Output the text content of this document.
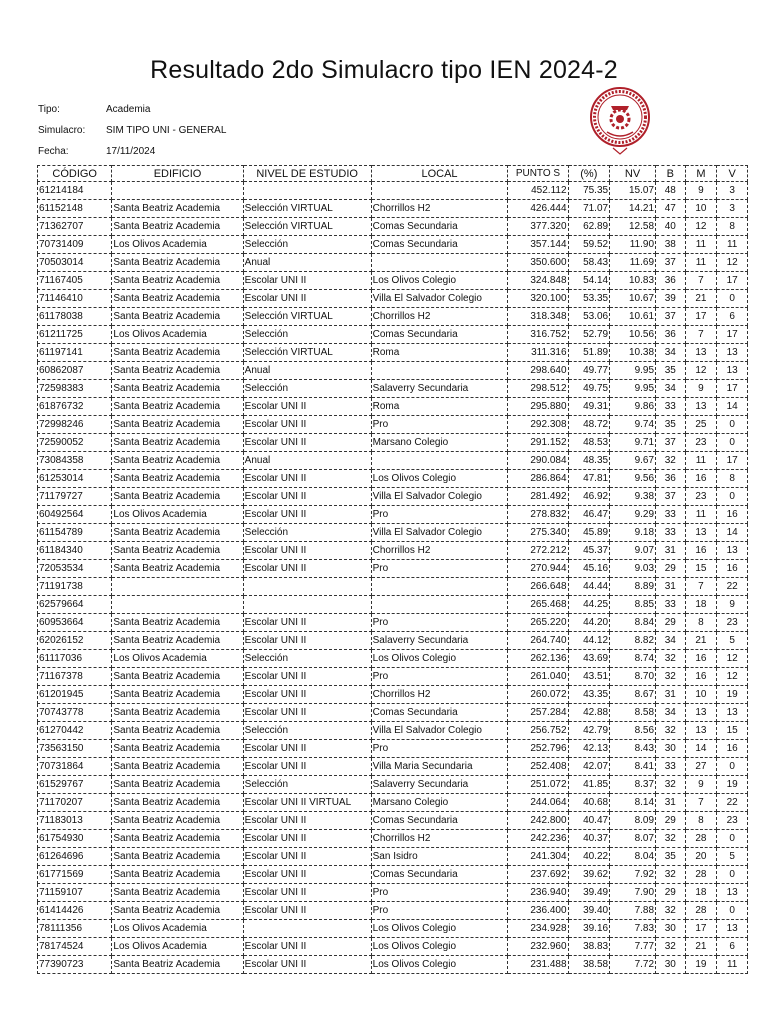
Resultado 2do Simulacro tipo IEN 2024-2
Tipo:	Academia
Simulacro:	SIM TIPO UNI - GENERAL
Fecha:	17/11/2024
CÓDIGO	EDIFICIO	NIVEL DE ESTUDIO	LOCAL	PUNTO S	(%)	NV	B	M	V
61214184				452.112	75.35	15.07	48	9	3
61152148	Santa Beatriz Academia	Selección VIRTUAL	Chorrillos H2	426.444	71.07	14.21	47	10	3
71362707	Santa Beatriz Academia	Selección VIRTUAL	Comas Secundaria	377.320	62.89	12.58	40	12	8
70731409	Los Olivos Academia	Selección	Comas Secundaria	357.144	59.52	11.90	38	11	11
70503014	Santa Beatriz Academia	Anual		350.600	58.43	11.69	37	11	12
71167405	Santa Beatriz Academia	Escolar UNI II	Los Olivos Colegio	324.848	54.14	10.83	36	7	17
71146410	Santa Beatriz Academia	Escolar UNI II	Villa El Salvador Colegio	320.100	53.35	10.67	39	21	0
61178038	Santa Beatriz Academia	Selección VIRTUAL	Chorrillos H2	318.348	53.06	10.61	37	17	6
61211725	Los Olivos Academia	Selección	Comas Secundaria	316.752	52.79	10.56	36	7	17
61197141	Santa Beatriz Academia	Selección VIRTUAL	Roma	311.316	51.89	10.38	34	13	13
60862087	Santa Beatriz Academia	Anual		298.640	49.77	9.95	35	12	13
72598383	Santa Beatriz Academia	Selección	Salaverry Secundaria	298.512	49.75	9.95	34	9	17
61876732	Santa Beatriz Academia	Escolar UNI II	Roma	295.880	49.31	9.86	33	13	14
72998246	Santa Beatriz Academia	Escolar UNI II	Pro	292.308	48.72	9.74	35	25	0
72590052	Santa Beatriz Academia	Escolar UNI II	Marsano Colegio	291.152	48.53	9.71	37	23	0
73084358	Santa Beatriz Academia	Anual		290.084	48.35	9.67	32	11	17
61253014	Santa Beatriz Academia	Escolar UNI II	Los Olivos Colegio	286.864	47.81	9.56	36	16	8
71179727	Santa Beatriz Academia	Escolar UNI II	Villa El Salvador Colegio	281.492	46.92	9.38	37	23	0
60492564	Los Olivos Academia	Escolar UNI II	Pro	278.832	46.47	9.29	33	11	16
61154789	Santa Beatriz Academia	Selección	Villa El Salvador Colegio	275.340	45.89	9.18	33	13	14
61184340	Santa Beatriz Academia	Escolar UNI II	Chorrillos H2	272.212	45.37	9.07	31	16	13
72053534	Santa Beatriz Academia	Escolar UNI II	Pro	270.944	45.16	9.03	29	15	16
71191738				266.648	44.44	8.89	31	7	22
62579664				265.468	44.25	8.85	33	18	9
60953664	Santa Beatriz Academia	Escolar UNI II	Pro	265.220	44.20	8.84	29	8	23
62026152	Santa Beatriz Academia	Escolar UNI II	Salaverry Secundaria	264.740	44.12	8.82	34	21	5
61117036	Los Olivos Academia	Selección	Los Olivos Colegio	262.136	43.69	8.74	32	16	12
71167378	Santa Beatriz Academia	Escolar UNI II	Pro	261.040	43.51	8.70	32	16	12
61201945	Santa Beatriz Academia	Escolar UNI II	Chorrillos H2	260.072	43.35	8.67	31	10	19
70743778	Santa Beatriz Academia	Escolar UNI II	Comas Secundaria	257.284	42.88	8.58	34	13	13
61270442	Santa Beatriz Academia	Selección	Villa El Salvador Colegio	256.752	42.79	8.56	32	13	15
73563150	Santa Beatriz Academia	Escolar UNI II	Pro	252.796	42.13	8.43	30	14	16
70731864	Santa Beatriz Academia	Escolar UNI II	Villa Maria Secundaria	252.408	42.07	8.41	33	27	0
61529767	Santa Beatriz Academia	Selección	Salaverry Secundaria	251.072	41.85	8.37	32	9	19
71170207	Santa Beatriz Academia	Escolar UNI II VIRTUAL	Marsano Colegio	244.064	40.68	8.14	31	7	22
71183013	Santa Beatriz Academia	Escolar UNI II	Comas Secundaria	242.800	40.47	8.09	29	8	23
61754930	Santa Beatriz Academia	Escolar UNI II	Chorrillos H2	242.236	40.37	8.07	32	28	0
61264696	Santa Beatriz Academia	Escolar UNI II	San Isidro	241.304	40.22	8.04	35	20	5
61771569	Santa Beatriz Academia	Escolar UNI II	Comas Secundaria	237.692	39.62	7.92	32	28	0
71159107	Santa Beatriz Academia	Escolar UNI II	Pro	236.940	39.49	7.90	29	18	13
61414426	Santa Beatriz Academia	Escolar UNI II	Pro	236.400	39.40	7.88	32	28	0
78111356	Los Olivos Academia		Los Olivos Colegio	234.928	39.16	7.83	30	17	13
78174524	Los Olivos Academia	Escolar UNI II	Los Olivos Colegio	232.960	38.83	7.77	32	21	6
77390723	Santa Beatriz Academia	Escolar UNI II	Los Olivos Colegio	231.488	38.58	7.72	30	19	11
